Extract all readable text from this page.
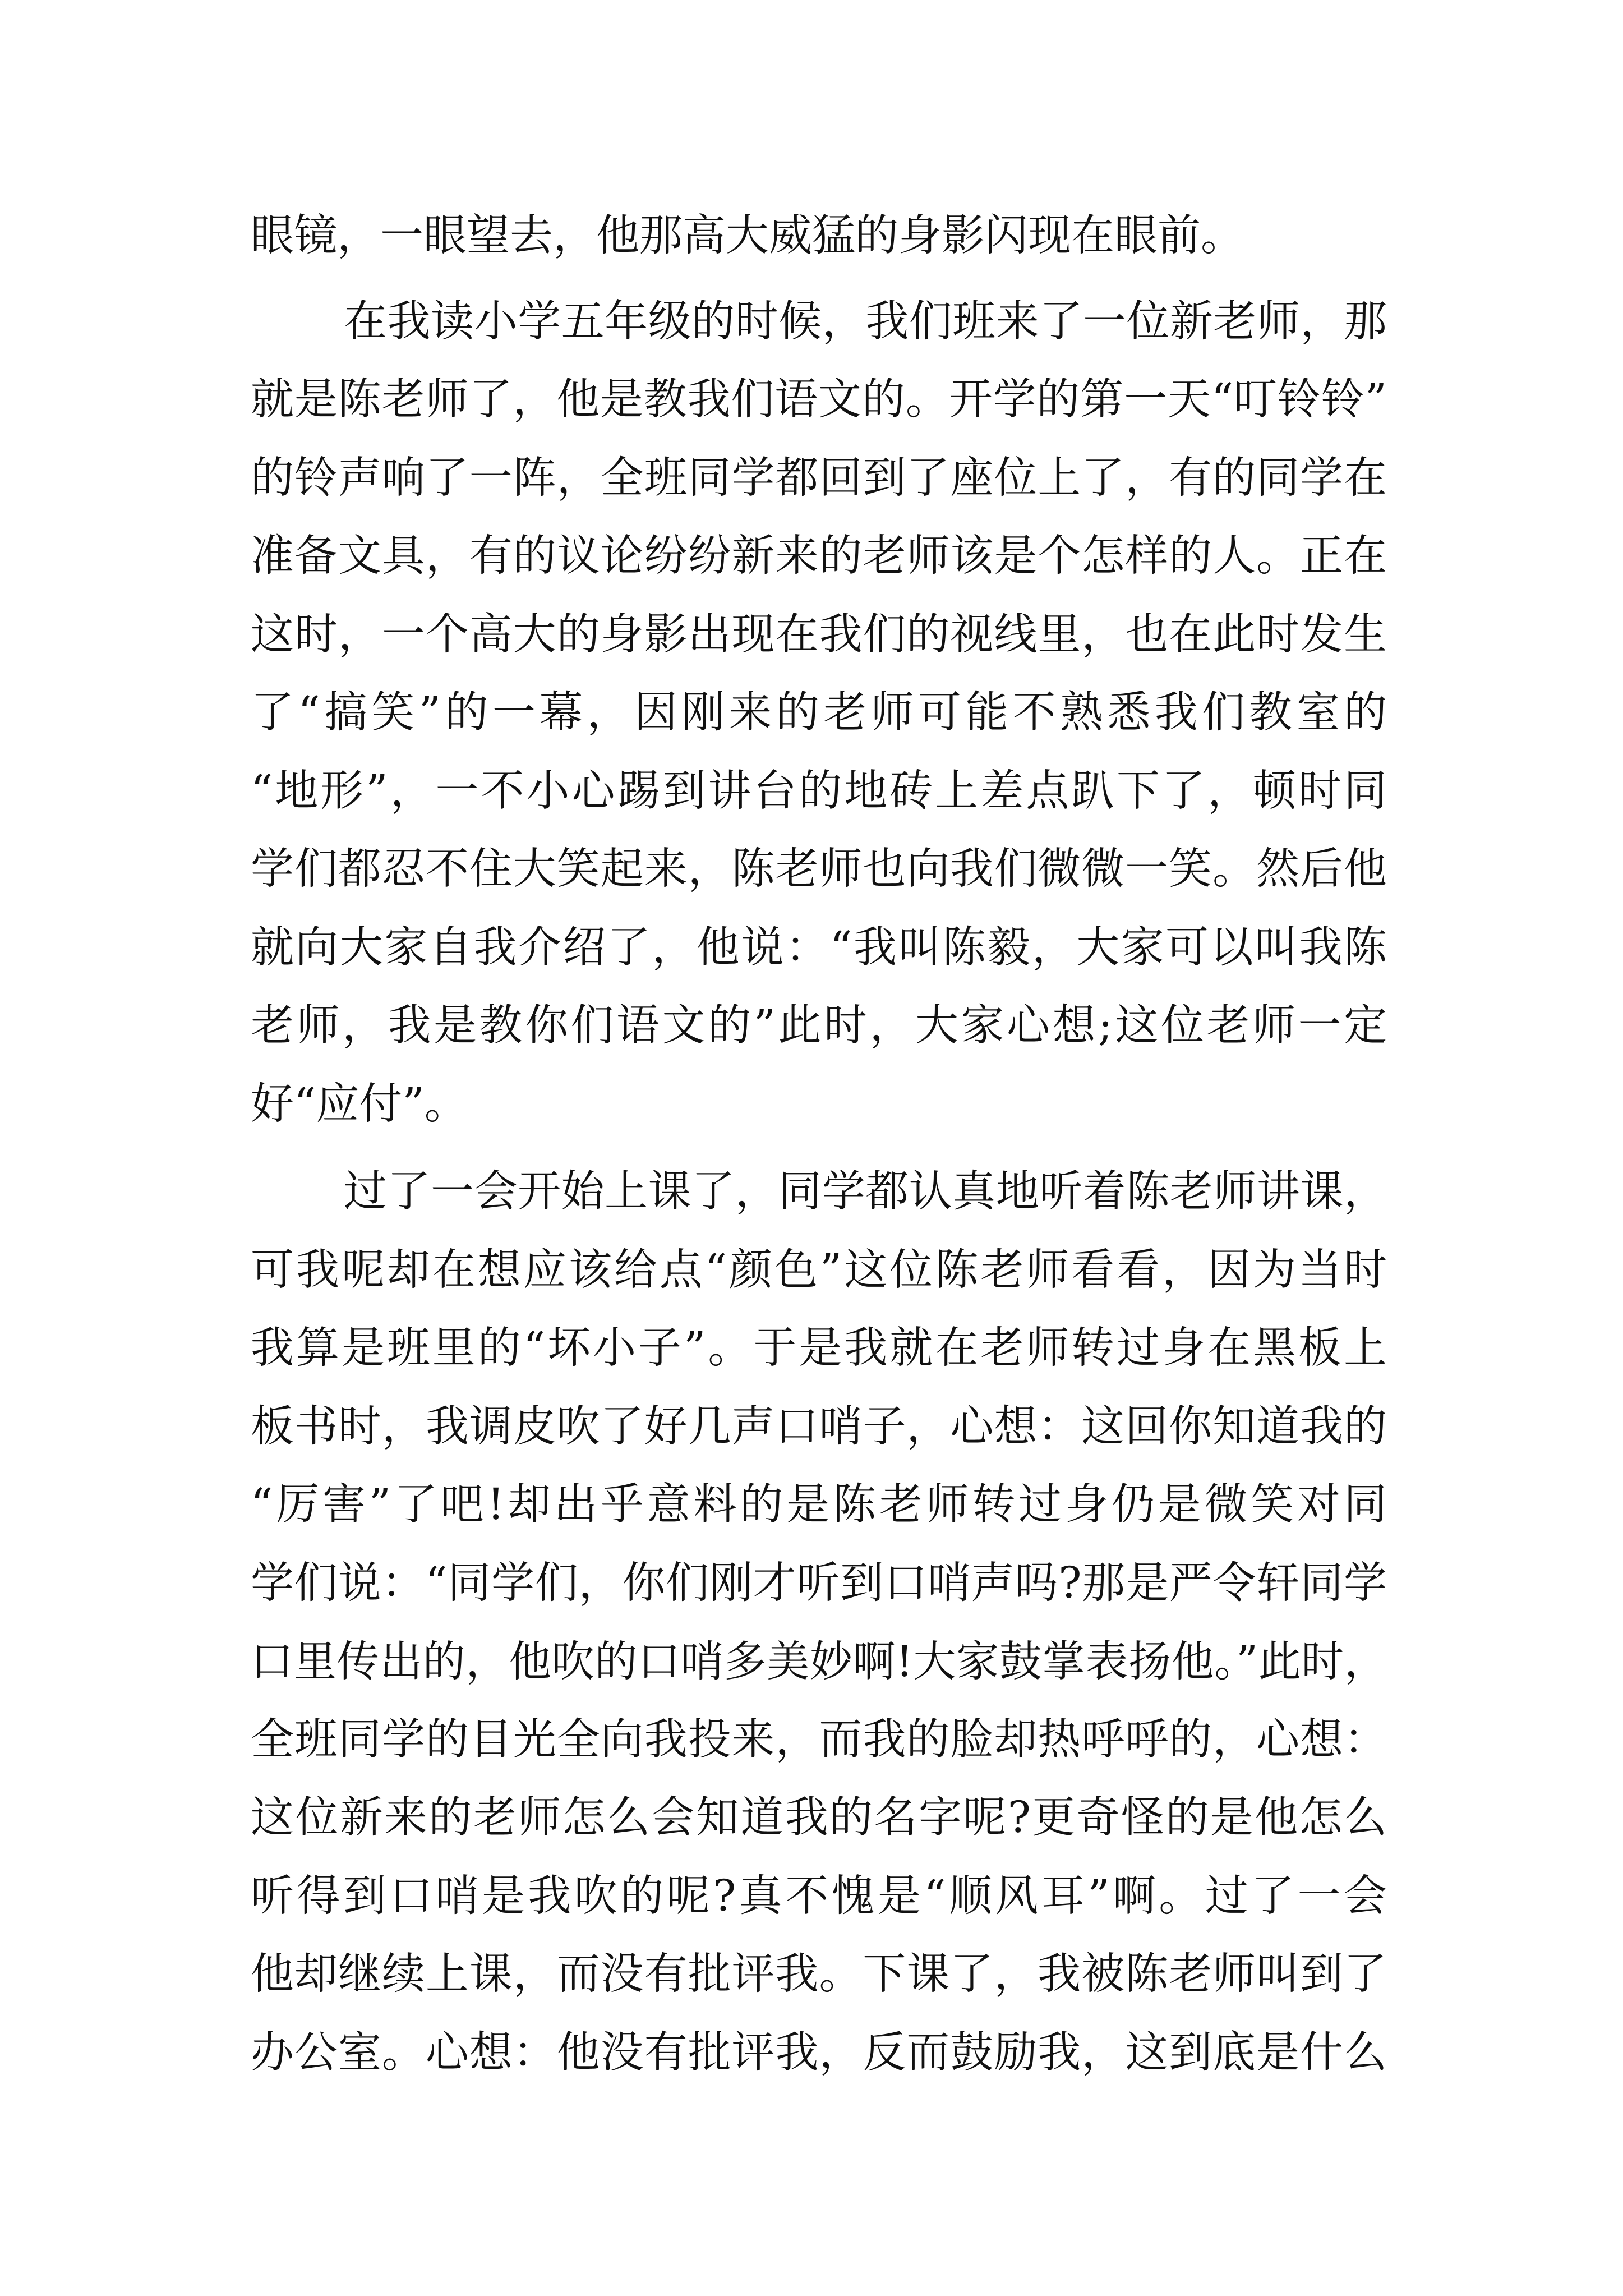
眼镜，一眼望去，他那高大威猛的身影闪现在眼前。
在我读小学五年级的时候，我们班来了一位新老师，那
就是陈老师了，他是教我们语文的。开学的第一天“叮铃铃”
的铃声响了一阵，全班同学都回到了座位上了，有的同学在
准备文具，有的议论纷纷新来的老师该是个怎样的人。正在
这时，一个高大的身影出现在我们的视线里，也在此时发生
了“搞笑”的一幕，因刚来的老师可能不熟悉我们教室的
“地形”，一不小心踢到讲台的地砖上差点趴下了，顿时同
学们都忍不住大笑起来，陈老师也向我们微微一笑。然后他
就向大家自我介绍了，他说：“我叫陈毅，大家可以叫我陈
老师，我是教你们语文的”此时，大家心想;这位老师一定
好“应付”。
过了一会开始上课了，同学都认真地听着陈老师讲课，
可我呢却在想应该给点“颜色”这位陈老师看看，因为当时
我算是班里的“坏小子”。于是我就在老师转过身在黑板上
板书时，我调皮吹了好几声口哨子，心想：这回你知道我的
“厉害”了吧!却出乎意料的是陈老师转过身仍是微笑对同
学们说：“同学们，你们刚才听到口哨声吗?那是严令轩同学
口里传出的，他吹的口哨多美妙啊!大家鼓掌表扬他。”此时，
全班同学的目光全向我投来，而我的脸却热呼呼的，心想：
这位新来的老师怎么会知道我的名字呢?更奇怪的是他怎么
听得到口哨是我吹的呢?真不愧是“顺风耳”啊。过了一会
他却继续上课，而没有批评我。下课了，我被陈老师叫到了
办公室。心想：他没有批评我，反而鼓励我，这到底是什么
